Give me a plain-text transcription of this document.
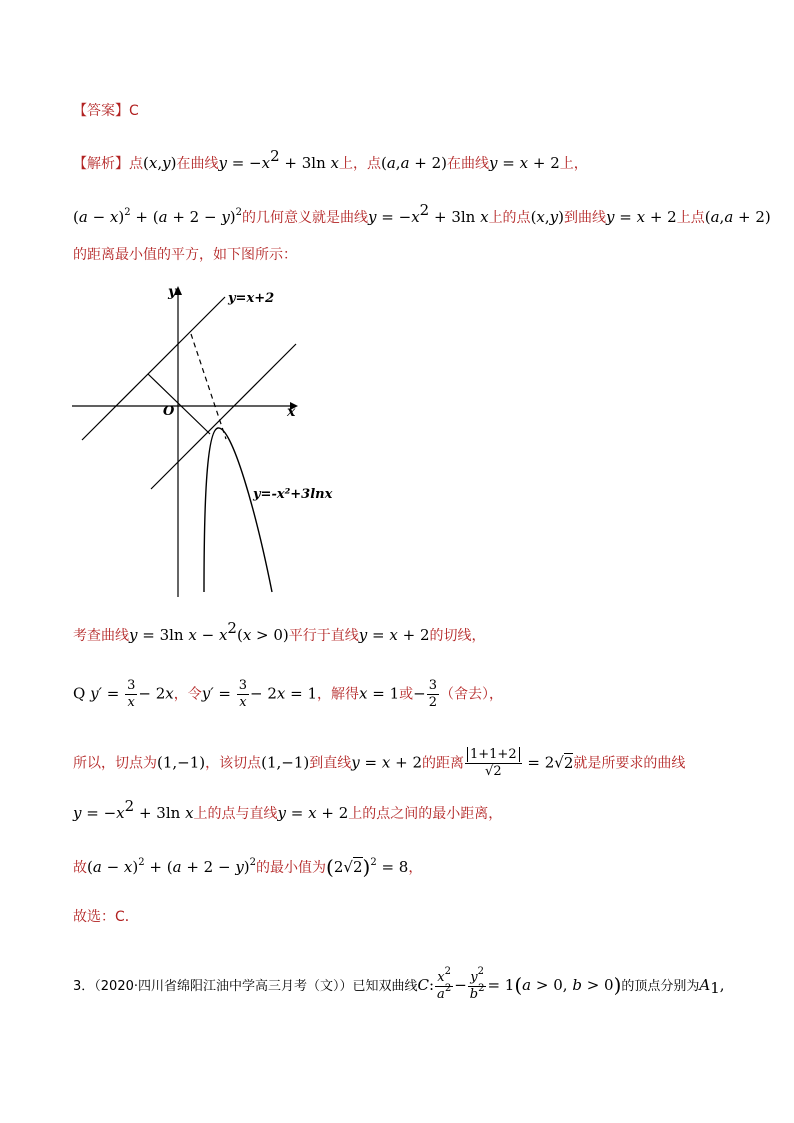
【答案】C
【解析】点(x,y)在曲线$y = -x^2 + 3\ln$ x上，点(a,a + 2)在曲线y = x + 2上，
$(a - x)^2 + (a + 2 - y)^2$的几何意义就是曲线$y = -x^2 + 3\ln$ x上的点(x,y)到曲线y = x + 2上点(a,a + 2)
的距离最小值的平方，如下图所示：
y
x
O
y=x+2
y=-x²+3lnx
考查曲线y = 3ln $x - x^2(x > 0)$平行于直线y = x + 2的切线，
Q $y' = \frac{3}{x} - 2x$，令$y' = \frac{3}{x} - 2x = 1$，解得x = 1或− $\frac{3}{2}$ （舍去），
所以，切点为(1,−1)，该切点(1,−1)到直线y = x + 2的距离 $\frac{1+1+2}{√2} = 2√2$就是所要求的曲线
$y = -x^2 + 3\ln$ x上的点与直线y = x + 2上的点之间的最小距离，
故$(a - x)^2 + (a + 2 - y)^2$的最小值为$(2√2)^2 = 8$，
故选：C．
3．（2020·四川省绵阳江油中学高三月考（文））已知双曲线C: $\frac{x^2}{a^2} - \frac{y^2}{b^2} = 1(a > 0$, b > 0)的顶点分别为$A_1$,
